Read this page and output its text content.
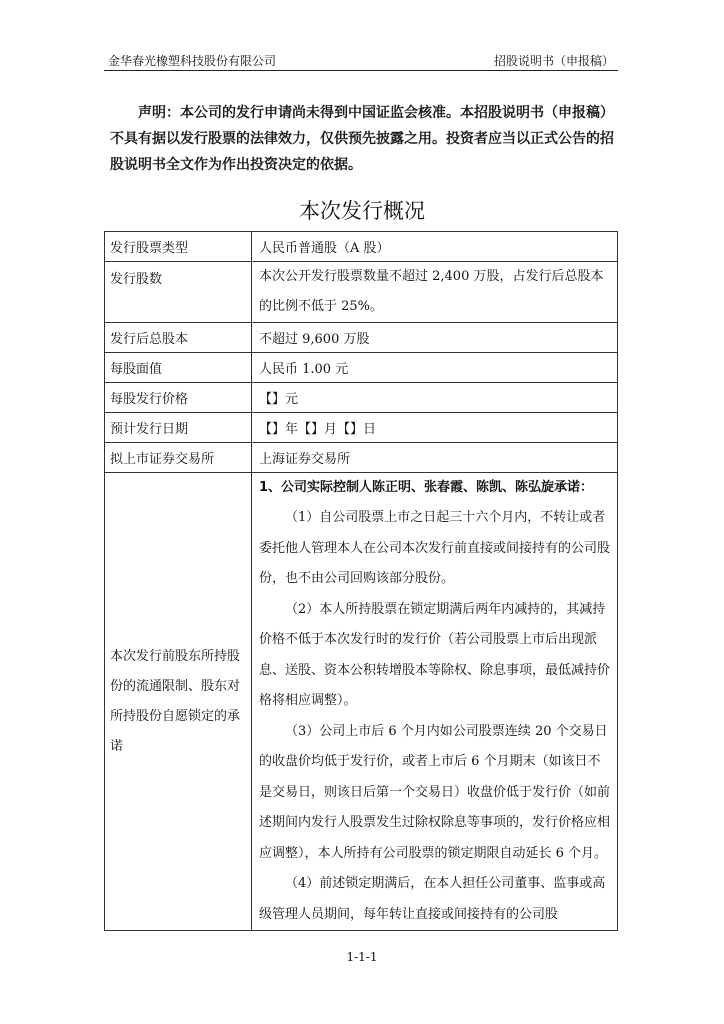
金华春光橡塑科技股份有限公司	招股说明书（申报稿）

声明：本公司的发行申请尚未得到中国证监会核准。本招股说明书（申报稿）不具有据以发行股票的法律效力，仅供预先披露之用。投资者应当以正式公告的招股说明书全文作为作出投资决定的依据。

本次发行概况
发行股票类型	人民币普通股（A 股）
发行股数	本次公开发行股票数量不超过 2,400 万股，占发行后总股本的比例不低于 25%。
发行后总股本	不超过 9,600 万股
每股面值	人民币 1.00 元
每股发行价格	【】元
预计发行日期	【】年【】月【】日
拟上市证券交易所	上海证券交易所
本次发行前股东所持股份的流通限制、股东对所持股份自愿锁定的承诺	1、公司实际控制人陈正明、张春霞、陈凯、陈弘旋承诺：

（1）自公司股票上市之日起三十六个月内，不转让或者委托他人管理本人在公司本次发行前直接或间接持有的公司股份，也不由公司回购该部分股份。

（2）本人所持股票在锁定期满后两年内减持的，其减持价格不低于本次发行时的发行价（若公司股票上市后出现派息、送股、资本公积转增股本等除权、除息事项，最低减持价格将相应调整）。

（3）公司上市后 6 个月内如公司股票连续 20 个交易日的收盘价均低于发行价，或者上市后 6 个月期末（如该日不是交易日，则该日后第一个交易日）收盘价低于发行价（如前述期间内发行人股票发生过除权除息等事项的，发行价格应相应调整），本人所持有公司股票的锁定期限自动延长 6 个月。

（4）前述锁定期满后，在本人担任公司董事、监事或高级管理人员期间，每年转让直接或间接持有的公司股

1-1-1
